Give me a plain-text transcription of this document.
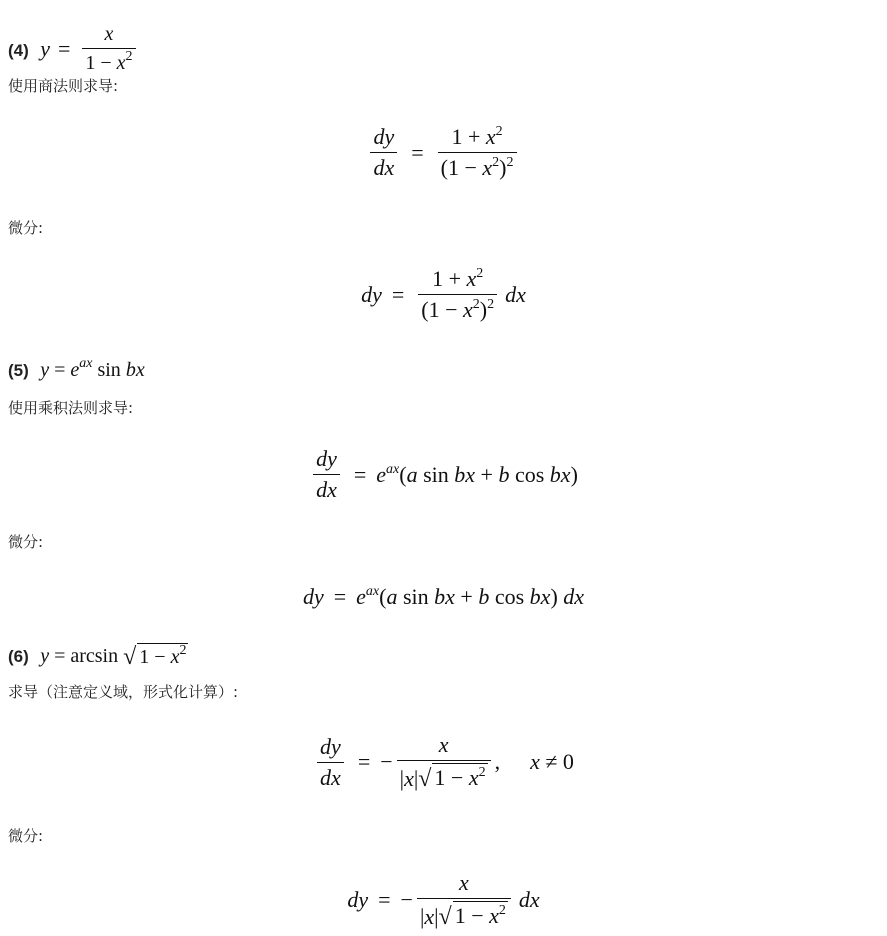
(4) $y = \frac{x}{1 - x^2}$
使用商法则求导:
$\frac{dy}{dx} = \frac{1 + x^2}{(1 - x^2)^2}$
微分:
dy = $\frac{1 + x^2}{(1 - x^2)^2}$ dx
(5) $y = e^{ax}$ sin bx
使用乘积法则求导:
$\frac{dy}{dx} = e^{ax}(a$ sin bx + b cos bx)
微分:
dy = $e^{ax}(a$ sin bx + b cos bx) dx
(6) y = arcsin
√ $1 - x^2$
求导（注意定义域，形式化计算）:
$\frac{dy}{dx}$ = − $\frac{x}{|x| √ 1 - x^2}$ , x ≠ 0
微分:
dy = − $\frac{x}{|x| √ 1 - x^2}$ dx
